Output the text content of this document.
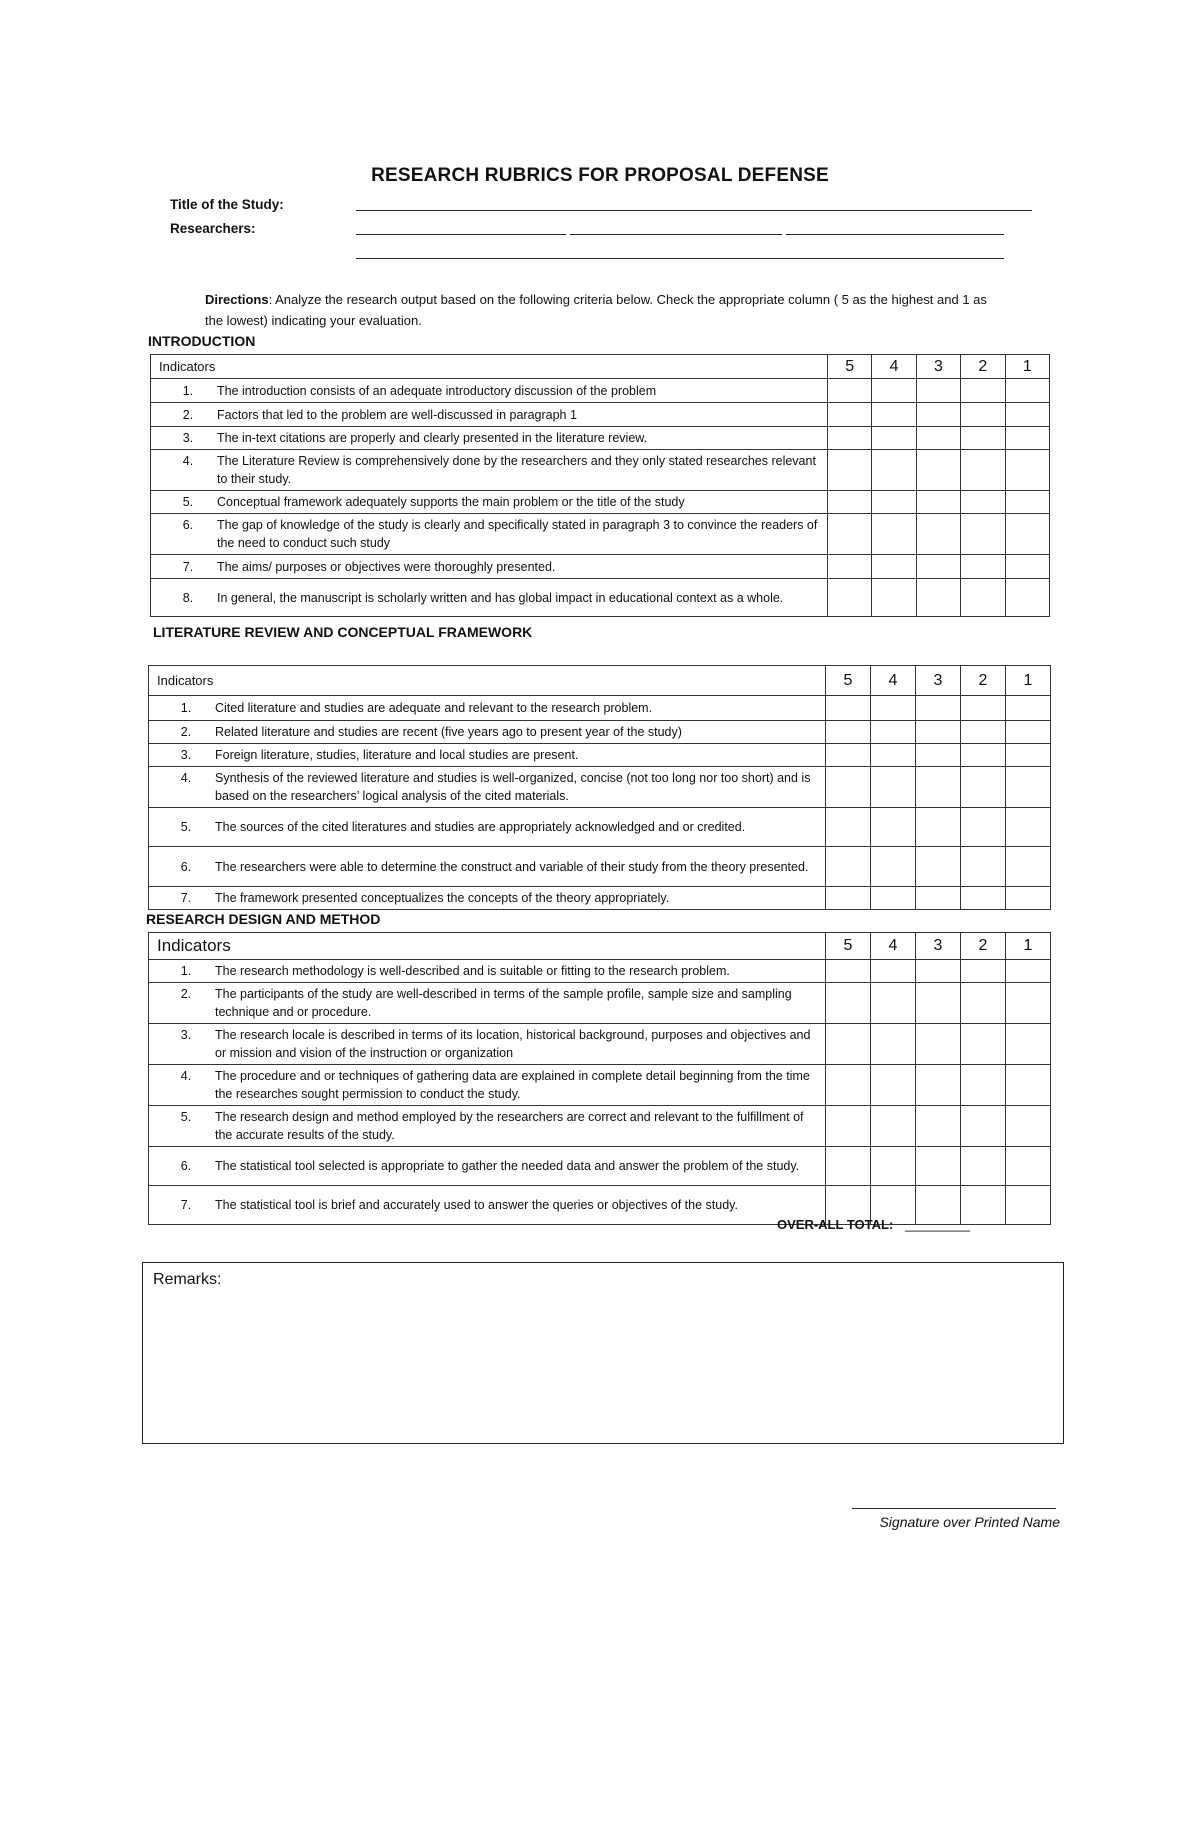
RESEARCH RUBRICS FOR PROPOSAL DEFENSE
Title of the Study:
Researchers:
Directions: Analyze the research output based on the following criteria below. Check the appropriate column ( 5 as the highest and 1 as the lowest) indicating your evaluation.
INTRODUCTION
Indicators	5	4	3	2	1

1. The introduction consists of an adequate introductory discussion of the problem					

2. Factors that led to the problem are well-discussed in paragraph 1					

3. The in-text citations are properly and clearly presented in the literature review.					

4. The Literature Review is comprehensively done by the researchers and they only stated researches relevant to their study.					

5. Conceptual framework adequately supports the main problem or the title of the study					

6. The gap of knowledge of the study is clearly and specifically stated in paragraph 3 to convince the readers of the need to conduct such study					

7. The aims/ purposes or objectives were thoroughly presented.					

8. In general, the manuscript is scholarly written and has global impact in educational context as a whole.					

LITERATURE REVIEW AND CONCEPTUAL FRAMEWORK
Indicators	5	4	3	2	1

1. Cited literature and studies are adequate and relevant to the research problem.					

2. Related literature and studies are recent (five years ago to present year of the study)					

3. Foreign literature, studies, literature and local studies are present.					

4. Synthesis of the reviewed literature and studies is well-organized, concise (not too long nor too short) and is based on the researchers’ logical analysis of the cited materials.					

5. The sources of the cited literatures and studies are appropriately acknowledged and or credited.					

6. The researchers were able to determine the construct and variable of their study from the theory presented.					

7. The framework presented conceptualizes the concepts of the theory appropriately.					

RESEARCH DESIGN AND METHOD
Indicators	5	4	3	2	1

1. The research methodology is well-described and is suitable or fitting to the research problem.					

2. The participants of the study are well-described in terms of the sample profile, sample size and sampling technique and or procedure.					

3. The research locale is described in terms of its location, historical background, purposes and objectives and or mission and vision of the instruction or organization					

4. The procedure and or techniques of gathering data are explained in complete detail beginning from the time the researches sought permission to conduct the study.					

5. The research design and method employed by the researchers are correct and relevant to the fulfillment of the accurate results of the study.					

6. The statistical tool selected is appropriate to gather the needed data and answer the problem of the study.					

7. The statistical tool is brief and accurately used to answer the queries or objectives of the study.					

OVER-ALL TOTAL: _________
Remarks:
Signature over Printed Name
